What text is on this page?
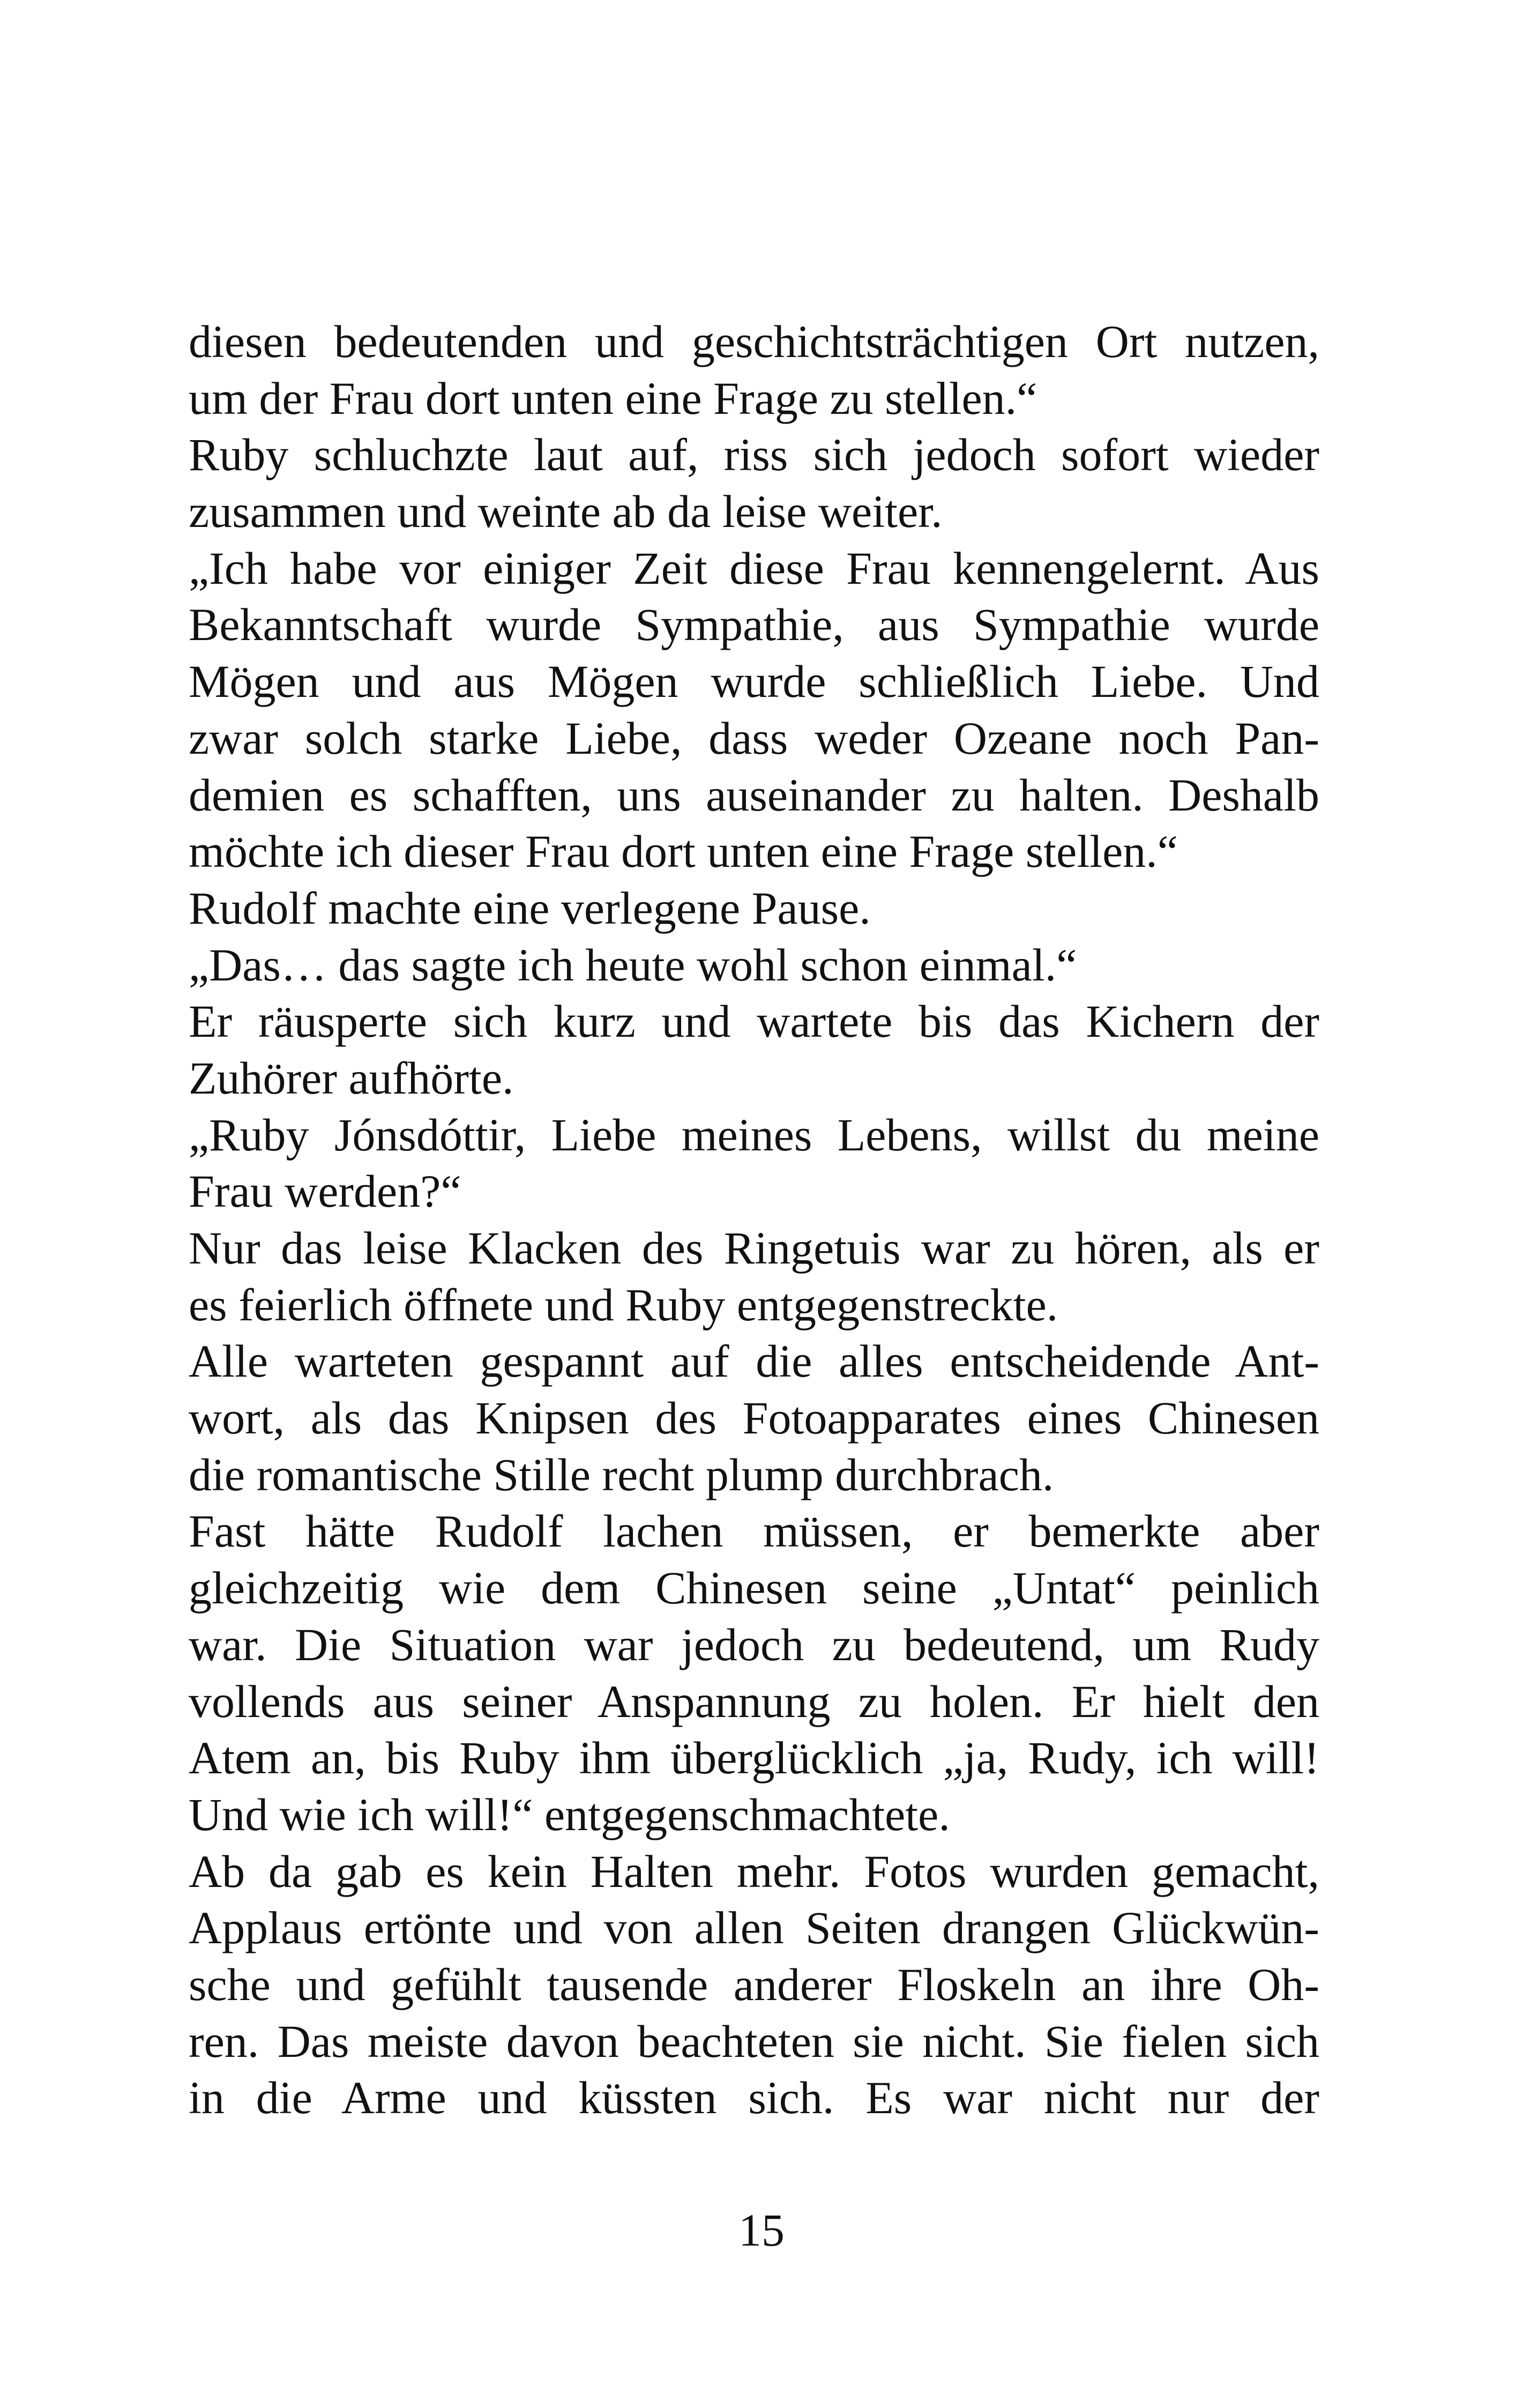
diesen bedeutenden und geschichtsträchtigen Ort nutzen,
um der Frau dort unten eine Frage zu stellen.“
Ruby schluchzte laut auf, riss sich jedoch sofort wieder
zusammen und weinte ab da leise weiter.
„Ich habe vor einiger Zeit diese Frau kennengelernt. Aus
Bekanntschaft wurde Sympathie, aus Sympathie wurde
Mögen und aus Mögen wurde schließlich Liebe. Und
zwar solch starke Liebe, dass weder Ozeane noch Pan-
demien es schafften, uns auseinander zu halten. Deshalb
möchte ich dieser Frau dort unten eine Frage stellen.“
Rudolf machte eine verlegene Pause.
„Das… das sagte ich heute wohl schon einmal.“
Er räusperte sich kurz und wartete bis das Kichern der
Zuhörer aufhörte.
„Ruby Jónsdóttir, Liebe meines Lebens, willst du meine
Frau werden?“
Nur das leise Klacken des Ringetuis war zu hören, als er
es feierlich öffnete und Ruby entgegenstreckte.
Alle warteten gespannt auf die alles entscheidende Ant-
wort, als das Knipsen des Fotoapparates eines Chinesen
die romantische Stille recht plump durchbrach.
Fast hätte Rudolf lachen müssen, er bemerkte aber
gleichzeitig wie dem Chinesen seine „Untat“ peinlich
war. Die Situation war jedoch zu bedeutend, um Rudy
vollends aus seiner Anspannung zu holen. Er hielt den
Atem an, bis Ruby ihm überglücklich „ja, Rudy, ich will!
Und wie ich will!“ entgegenschmachtete.
Ab da gab es kein Halten mehr. Fotos wurden gemacht,
Applaus ertönte und von allen Seiten drangen Glückwün-
sche und gefühlt tausende anderer Floskeln an ihre Oh-
ren. Das meiste davon beachteten sie nicht. Sie fielen sich
in die Arme und küssten sich. Es war nicht nur der
15
